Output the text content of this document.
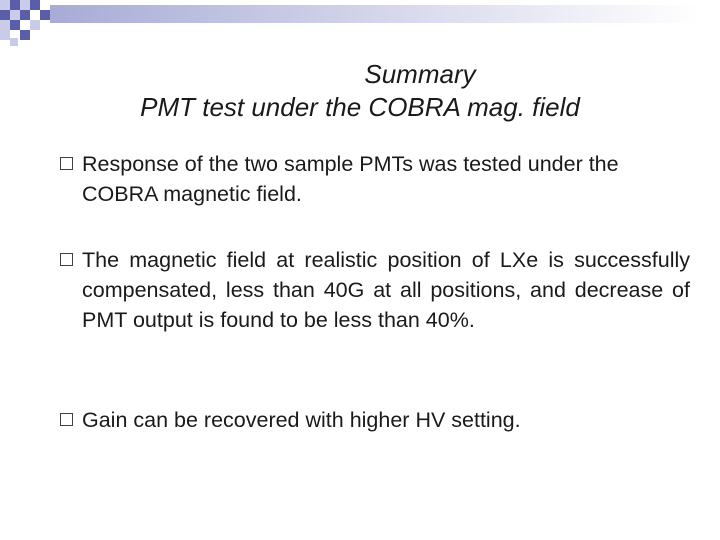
Summary
PMT test under the COBRA mag. field
Response of the two sample PMTs was tested under the COBRA magnetic field.
The magnetic field at realistic position of LXe is successfully compensated, less than 40G at all positions, and decrease of PMT output is found to be less than 40%.
Gain can be recovered with higher HV setting.
